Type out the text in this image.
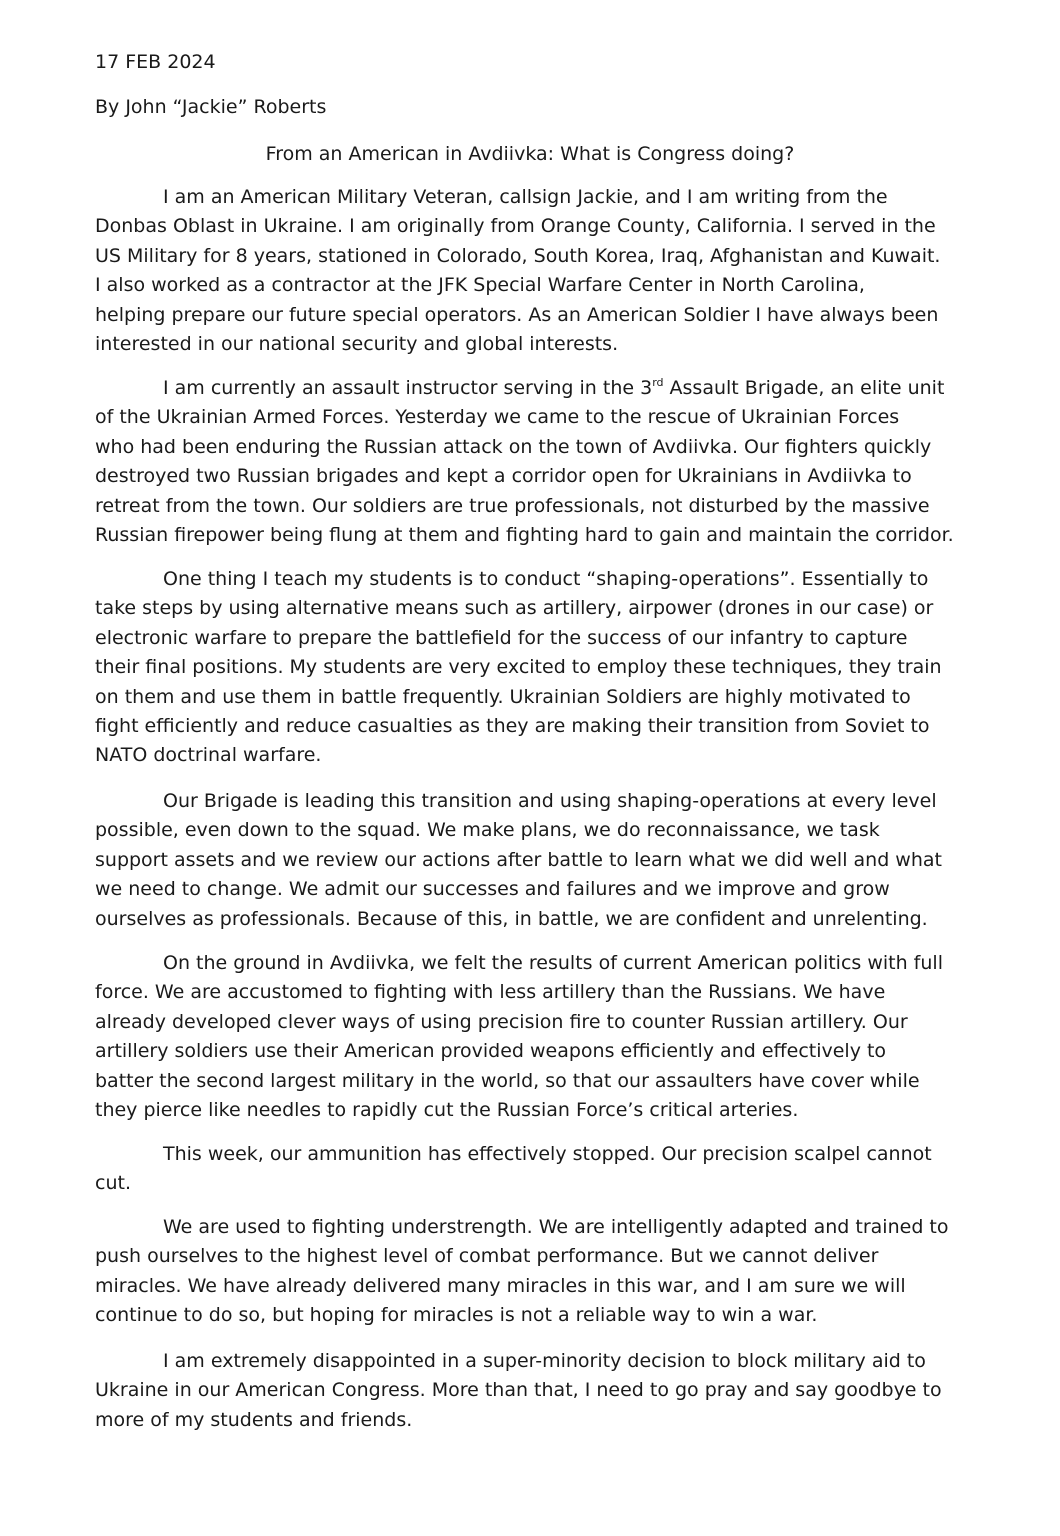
17 FEB 2024
By John “Jackie” Roberts
From an American in Avdiivka: What is Congress doing?
I am an American Military Veteran, callsign Jackie, and I am writing from the
Donbas Oblast in Ukraine. I am originally from Orange County, California. I served in the
US Military for 8 years, stationed in Colorado, South Korea, Iraq, Afghanistan and Kuwait.
I also worked as a contractor at the JFK Special Warfare Center in North Carolina,
helping prepare our future special operators. As an American Soldier I have always been
interested in our national security and global interests.
I am currently an assault instructor serving in the 3rd Assault Brigade, an elite unit
of the Ukrainian Armed Forces. Yesterday we came to the rescue of Ukrainian Forces
who had been enduring the Russian attack on the town of Avdiivka. Our fighters quickly
destroyed two Russian brigades and kept a corridor open for Ukrainians in Avdiivka to
retreat from the town. Our soldiers are true professionals, not disturbed by the massive
Russian firepower being flung at them and fighting hard to gain and maintain the corridor.
One thing I teach my students is to conduct “shaping-operations”. Essentially to
take steps by using alternative means such as artillery, airpower (drones in our case) or
electronic warfare to prepare the battlefield for the success of our infantry to capture
their final positions. My students are very excited to employ these techniques, they train
on them and use them in battle frequently. Ukrainian Soldiers are highly motivated to
fight efficiently and reduce casualties as they are making their transition from Soviet to
NATO doctrinal warfare.
Our Brigade is leading this transition and using shaping-operations at every level
possible, even down to the squad. We make plans, we do reconnaissance, we task
support assets and we review our actions after battle to learn what we did well and what
we need to change. We admit our successes and failures and we improve and grow
ourselves as professionals. Because of this, in battle, we are confident and unrelenting.
On the ground in Avdiivka, we felt the results of current American politics with full
force. We are accustomed to fighting with less artillery than the Russians. We have
already developed clever ways of using precision fire to counter Russian artillery. Our
artillery soldiers use their American provided weapons efficiently and effectively to
batter the second largest military in the world, so that our assaulters have cover while
they pierce like needles to rapidly cut the Russian Force’s critical arteries.
This week, our ammunition has effectively stopped. Our precision scalpel cannot
cut.
We are used to fighting understrength. We are intelligently adapted and trained to
push ourselves to the highest level of combat performance. But we cannot deliver
miracles. We have already delivered many miracles in this war, and I am sure we will
continue to do so, but hoping for miracles is not a reliable way to win a war.
I am extremely disappointed in a super-minority decision to block military aid to
Ukraine in our American Congress. More than that, I need to go pray and say goodbye to
more of my students and friends.
